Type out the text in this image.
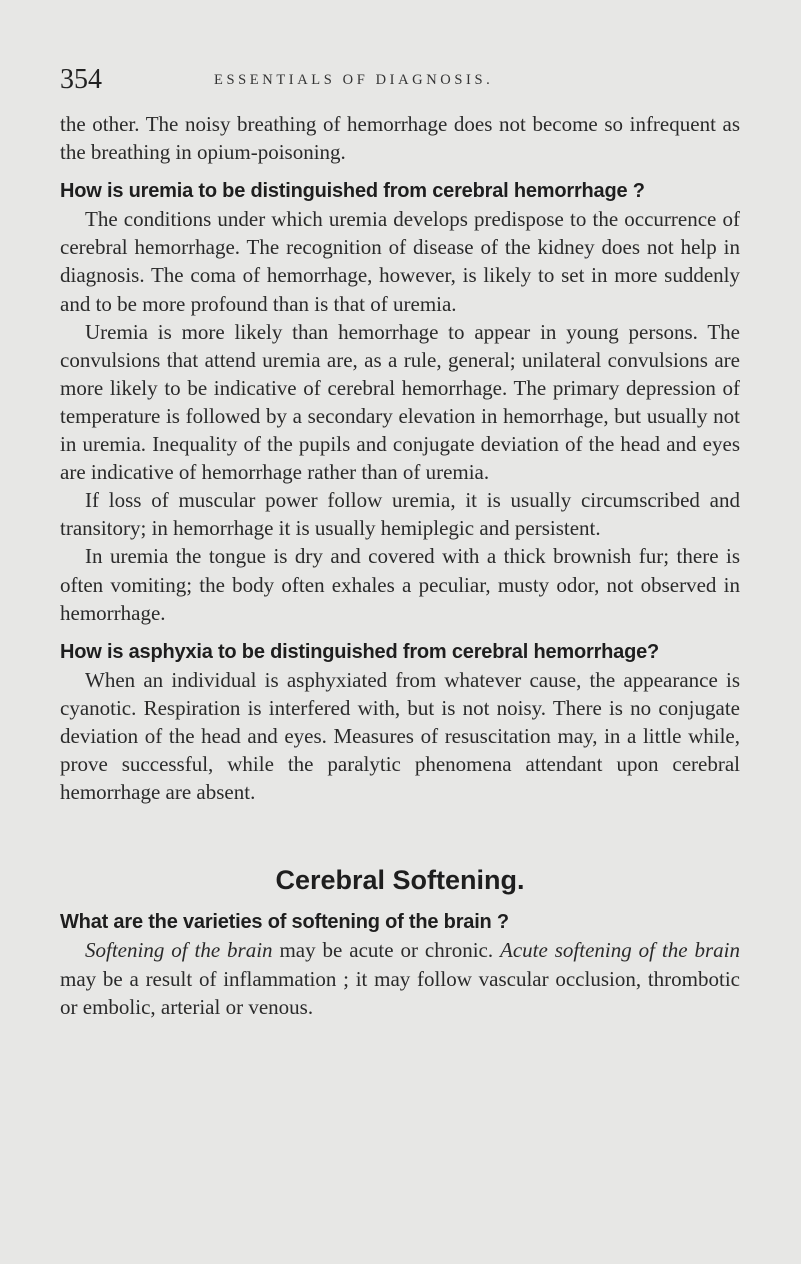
354	ESSENTIALS OF DIAGNOSIS.

the other. The noisy breathing of hemorrhage does not become so infrequent as the breathing in opium-poisoning.

How is uremia to be distinguished from cerebral hemorrhage ?

The conditions under which uremia develops predispose to the occurrence of cerebral hemorrhage. The recognition of disease of the kidney does not help in diagnosis. The coma of hemorrhage, however, is likely to set in more suddenly and to be more profound than is that of uremia.

Uremia is more likely than hemorrhage to appear in young persons. The convulsions that attend uremia are, as a rule, general; unilateral convulsions are more likely to be indicative of cerebral hemorrhage. The primary depression of temperature is followed by a secondary elevation in hemorrhage, but usually not in uremia. Inequality of the pupils and conjugate deviation of the head and eyes are indicative of hemorrhage rather than of uremia.

If loss of muscular power follow uremia, it is usually circumscribed and transitory; in hemorrhage it is usually hemiplegic and persistent.

In uremia the tongue is dry and covered with a thick brownish fur; there is often vomiting; the body often exhales a peculiar, musty odor, not observed in hemorrhage.

How is asphyxia to be distinguished from cerebral hemorrhage?

When an individual is asphyxiated from whatever cause, the appearance is cyanotic. Respiration is interfered with, but is not noisy. There is no conjugate deviation of the head and eyes. Measures of resuscitation may, in a little while, prove successful, while the paralytic phenomena attendant upon cerebral hemorrhage are absent.

Cerebral Softening.

What are the varieties of softening of the brain ?

Softening of the brain may be acute or chronic. Acute softening of the brain may be a result of inflammation ; it may follow vascular occlusion, thrombotic or embolic, arterial or venous.
